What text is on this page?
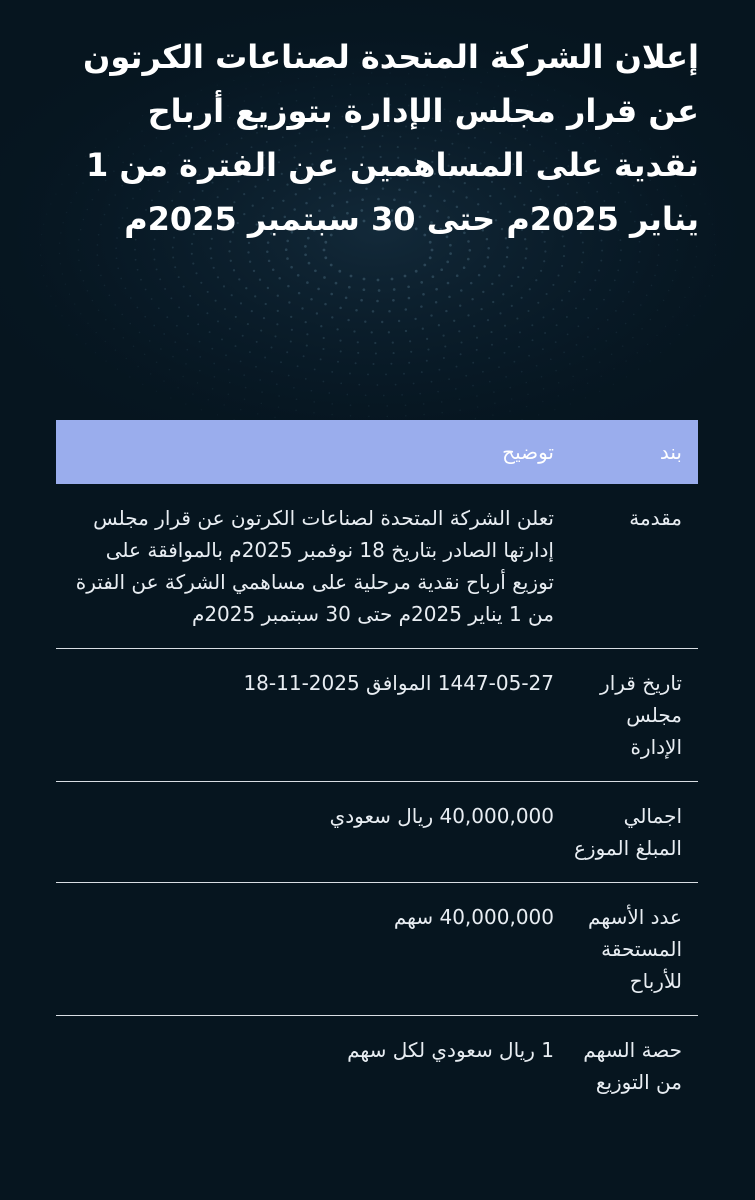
إعلان الشركة المتحدة لصناعات الكرتون عن قرار مجلس الإدارة بتوزيع أرباح نقدية على المساهمين عن الفترة من 1 يناير 2025م حتى 30 سبتمبر 2025م
بند	توضيح

مقدمة	تعلن الشركة المتحدة لصناعات الكرتون عن قرار مجلس إدارتها الصادر بتاريخ 18 نوفمبر 2025م بالموافقة على توزيع أرباح نقدية مرحلية على مساهمي الشركة عن الفترة من 1 يناير 2025م حتى 30 سبتمبر 2025م

تاريخ قرار مجلس الإدارة	1447-05-27 الموافق 2025-11-18

اجمالي المبلغ الموزع	40,000,000 ريال سعودي

عدد الأسهم المستحقة للأرباح	40,000,000 سهم

حصة السهم من التوزيع	1 ريال سعودي لكل سهم
